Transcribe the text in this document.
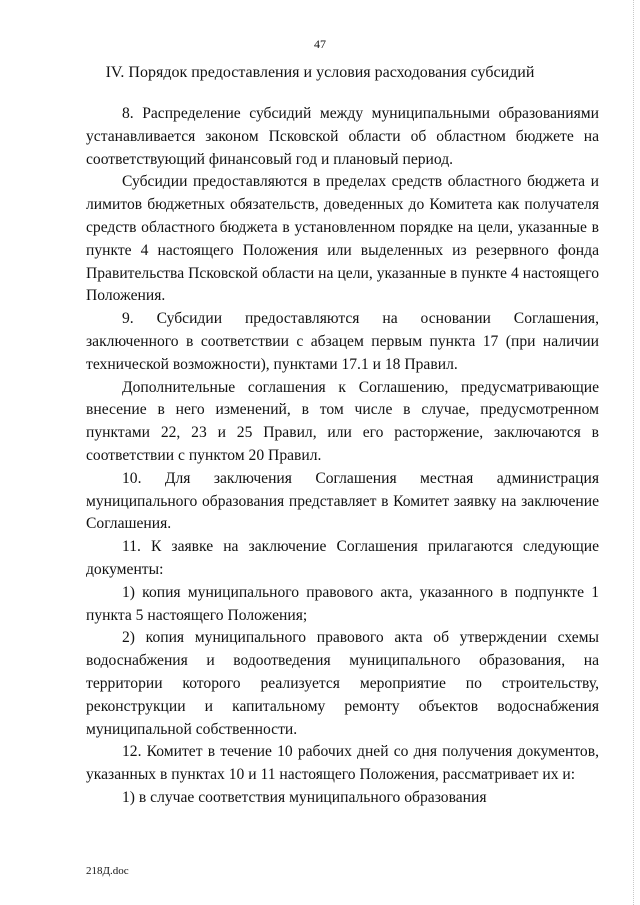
47
IV. Порядок предоставления и условия расходования субсидий

8. Распределение субсидий между муниципальными образованиями устанавливается законом Псковской области об областном бюджете на соответствующий финансовый год и плановый период.

Субсидии предоставляются в пределах средств областного бюджета и лимитов бюджетных обязательств, доведенных до Комитета как получателя средств областного бюджета в установленном порядке на цели, указанные в пункте 4 настоящего Положения или выделенных из резервного фонда Правительства Псковской области на цели, указанные в пункте 4 настоящего Положения.

9. Субсидии предоставляются на основании Соглашения, заключенного в соответствии с абзацем первым пункта 17 (при наличии технической возможности), пунктами 17.1 и 18 Правил.

Дополнительные соглашения к Соглашению, предусматривающие внесение в него изменений, в том числе в случае, предусмотренном пунктами 22, 23 и 25 Правил, или его расторжение, заключаются в соответствии с пунктом 20 Правил.

10. Для заключения Соглашения местная администрация муниципального образования представляет в Комитет заявку на заключение Соглашения.

11. К заявке на заключение Соглашения прилагаются следующие документы:

1) копия муниципального правового акта, указанного в подпункте 1 пункта 5 настоящего Положения;

2) копия муниципального правового акта об утверждении схемы водоснабжения и водоотведения муниципального образования, на территории которого реализуется мероприятие по строительству, реконструкции и капитальному ремонту объектов водоснабжения муниципальной собственности.

12. Комитет в течение 10 рабочих дней со дня получения документов, указанных в пунктах 10 и 11 настоящего Положения, рассматривает их и:

1) в случае соответствия муниципального образования

218Д.doc
